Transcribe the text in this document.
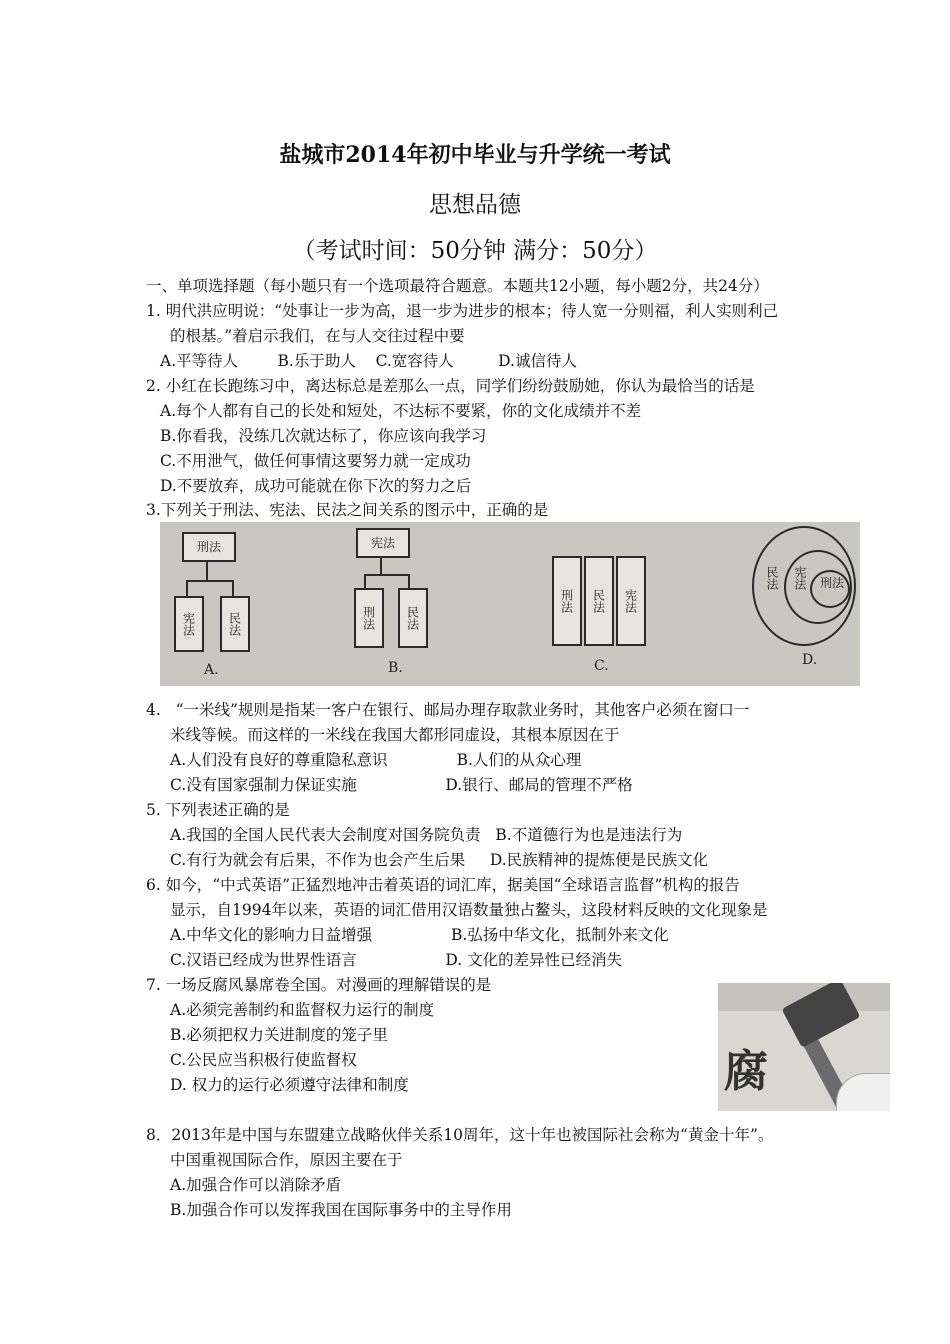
盐城市2014年初中毕业与升学统一考试
思想品德
（考试时间：50分钟 满分：50分）
一、单项选择题（每小题只有一个选项最符合题意。本题共12小题，每小题2分，共24分）
1. 明代洪应明说：“处事让一步为高，退一步为进步的根本；待人宽一分则福，利人实则利己
的根基。”着启示我们，在与人交往过程中要
A.平等待人        B.乐于助人    C.宽容待人         D.诚信待人
2. 小红在长跑练习中，离达标总是差那么一点，同学们纷纷鼓励她，你认为最恰当的话是
A.每个人都有自己的长处和短处，不达标不要紧，你的文化成绩并不差
B.你看我，没练几次就达标了，你应该向我学习
C.不用泄气，做任何事情这要努力就一定成功
D.不要放弃，成功可能就在你下次的努力之后
3.下列关于刑法、宪法、民法之间关系的图示中，正确的是
刑法
宪法	民法
A.
宪法
刑法	民法
B.
刑法	民法	宪法
C.
民法 宪法 刑法
D.
4.   “一米线”规则是指某一客户在银行、邮局办理存取款业务时，其他客户必须在窗口一
米线等候。而这样的一米线在我国大都形同虚设，其根本原因在于
A.人们没有良好的尊重隐私意识              B.人们的从众心理
C.没有国家强制力保证实施                  D.银行、邮局的管理不严格
5. 下列表述正确的是
A.我国的全国人民代表大会制度对国务院负责   B.不道德行为也是违法行为
C.有行为就会有后果，不作为也会产生后果     D.民族精神的提炼便是民族文化
6. 如今，“中式英语”正猛烈地冲击着英语的词汇库，据美国“全球语言监督”机构的报告
显示，自1994年以来，英语的词汇借用汉语数量独占鳌头，这段材料反映的文化现象是
A.中华文化的影响力日益增强                B.弘扬中华文化，抵制外来文化
C.汉语已经成为世界性语言                  D. 文化的差异性已经消失
7. 一场反腐风暴席卷全国。对漫画的理解错误的是
A.必须完善制约和监督权力运行的制度
B.必须把权力关进制度的笼子里
C.公民应当积极行使监督权
D. 权力的运行必须遵守法律和制度	腐
8．2013年是中国与东盟建立战略伙伴关系10周年，这十年也被国际社会称为“黄金十年”。
中国重视国际合作，原因主要在于
A.加强合作可以消除矛盾
B.加强合作可以发挥我国在国际事务中的主导作用
